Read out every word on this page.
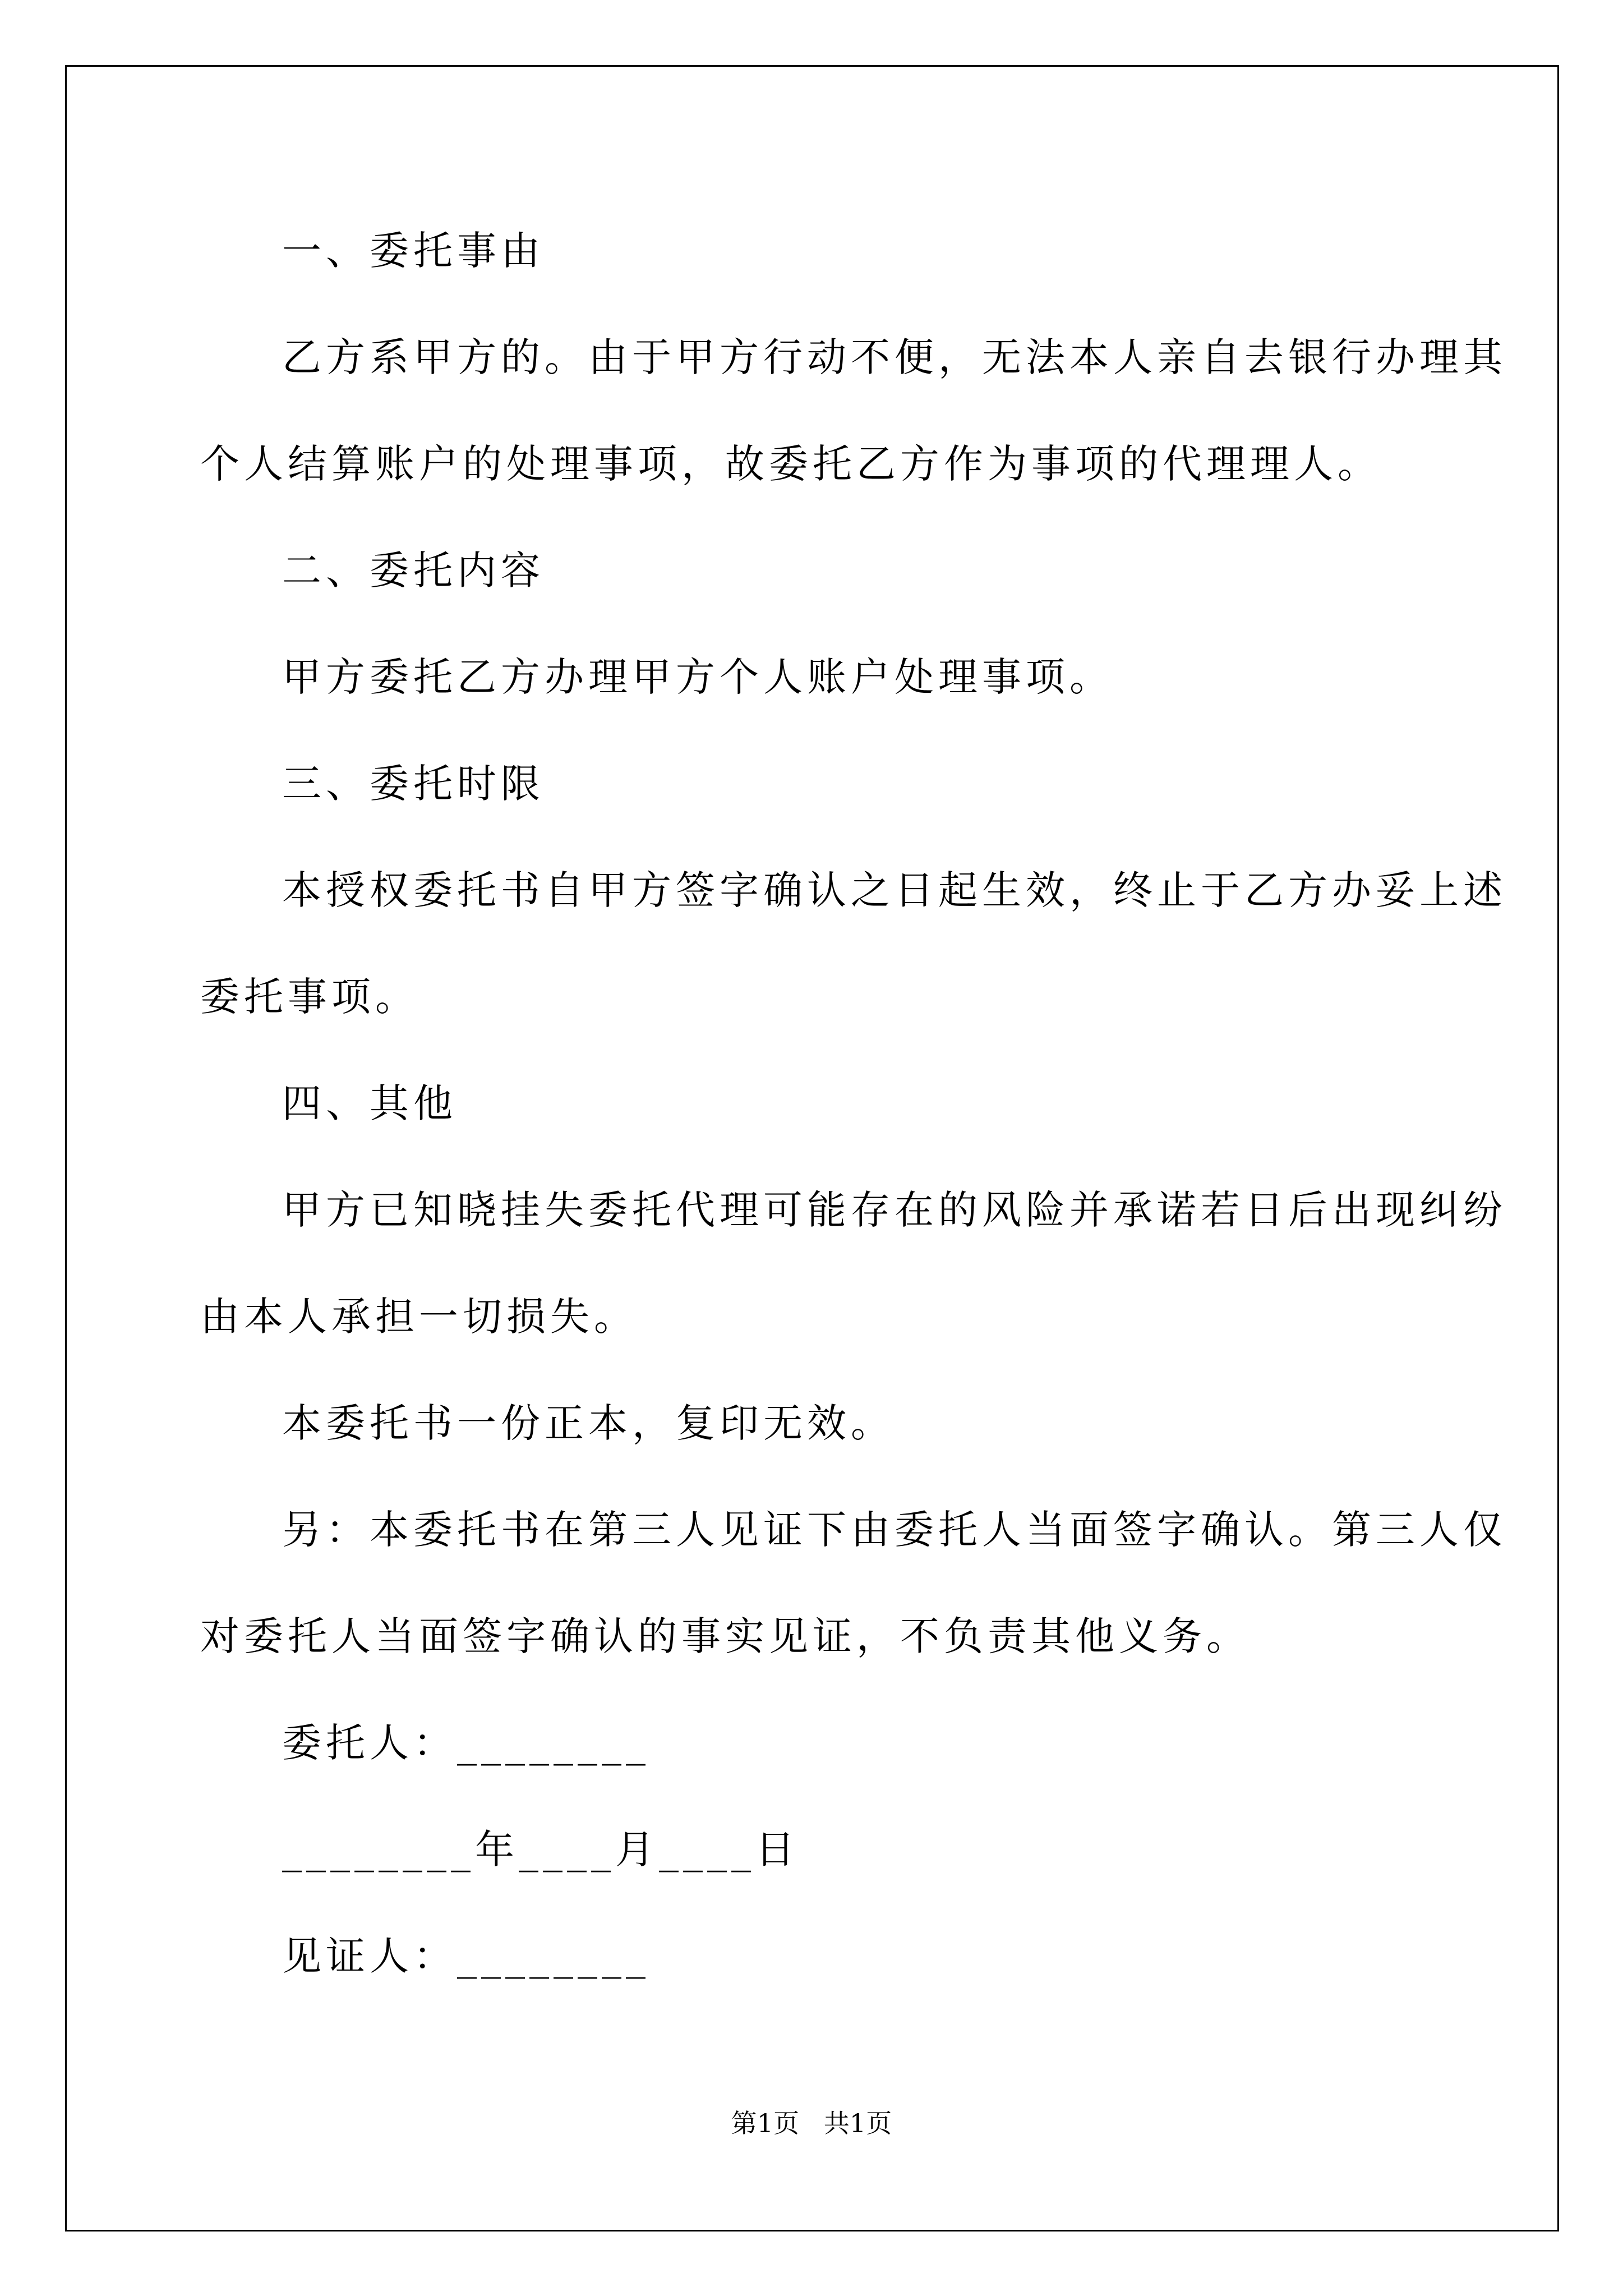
一、委托事由
乙方系甲方的。由于甲方行动不便，无法本人亲自去银行办理其
个人结算账户的处理事项，故委托乙方作为事项的代理理人。
二、委托内容
甲方委托乙方办理甲方个人账户处理事项。
三、委托时限
本授权委托书自甲方签字确认之日起生效，终止于乙方办妥上述
委托事项。
四、其他
甲方已知晓挂失委托代理可能存在的风险并承诺若日后出现纠纷
由本人承担一切损失。
本委托书一份正本，复印无效。
另：本委托书在第三人见证下由委托人当面签字确认。第三人仅
对委托人当面签字确认的事实见证，不负责其他义务。
委托人：________
________年____月____日
见证人：________
第1页   共1页
